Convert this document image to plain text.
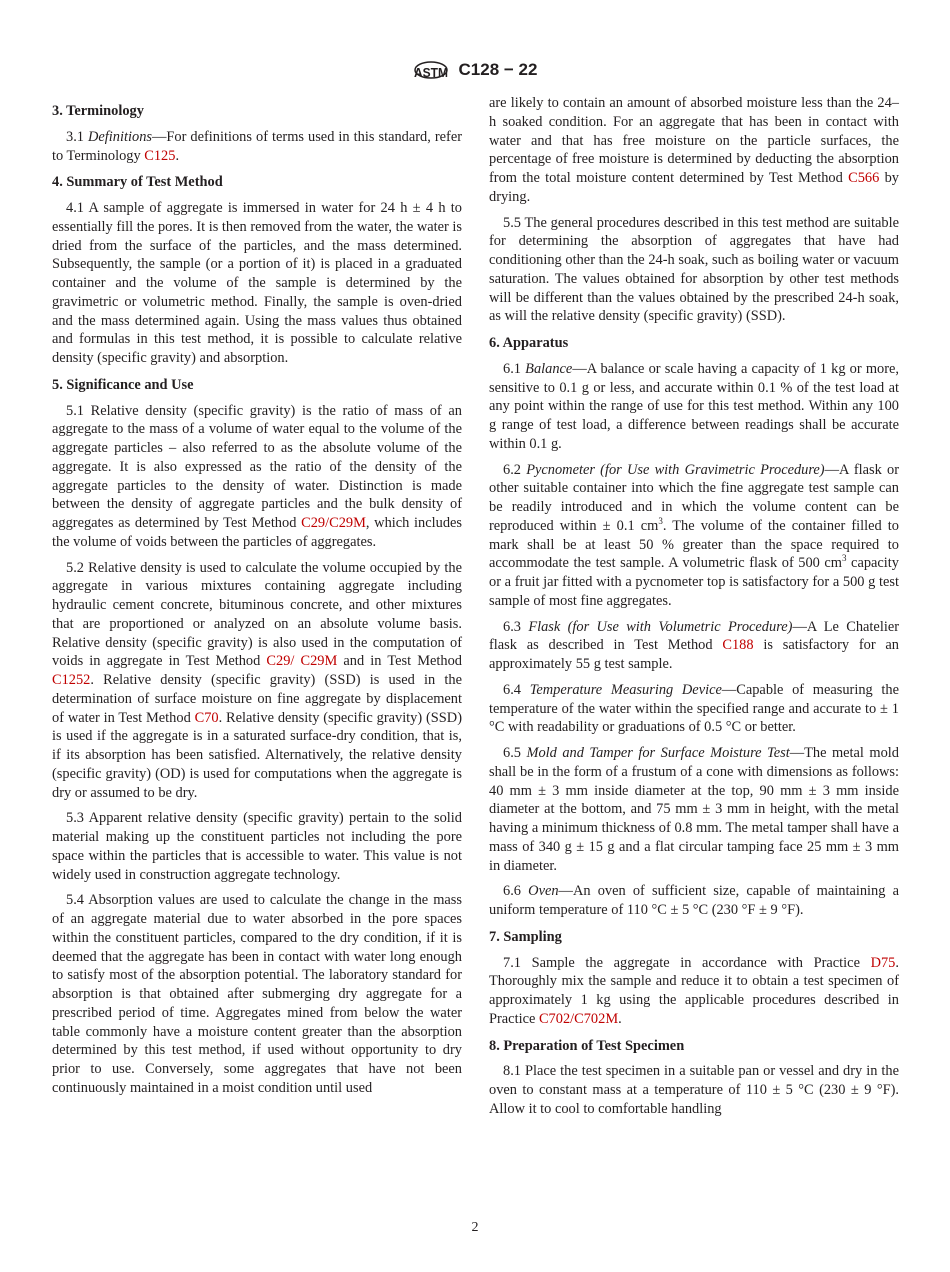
ASTM C128 − 22
3. Terminology

3.1 Definitions—For definitions of terms used in this standard, refer to Terminology C125.

4. Summary of Test Method

4.1 A sample of aggregate is immersed in water for 24 h ± 4 h to essentially fill the pores. It is then removed from the water, the water is dried from the surface of the particles, and the mass determined. Subsequently, the sample (or a portion of it) is placed in a graduated container and the volume of the sample is determined by the gravimetric or volumetric method. Finally, the sample is oven-dried and the mass determined again. Using the mass values thus obtained and formulas in this test method, it is possible to calculate relative density (specific gravity) and absorption.

5. Significance and Use

5.1 Relative density (specific gravity) is the ratio of mass of an aggregate to the mass of a volume of water equal to the volume of the aggregate particles – also referred to as the absolute volume of the aggregate. It is also expressed as the ratio of the density of the aggregate particles to the density of water. Distinction is made between the density of aggregate particles and the bulk density of aggregates as determined by Test Method C29/C29M, which includes the volume of voids between the particles of aggregates.

5.2 Relative density is used to calculate the volume occupied by the aggregate in various mixtures containing aggregate including hydraulic cement concrete, bituminous concrete, and other mixtures that are proportioned or analyzed on an absolute volume basis. Relative density (specific gravity) is also used in the computation of voids in aggregate in Test Method C29/ C29M and in Test Method C1252. Relative density (specific gravity) (SSD) is used in the determination of surface moisture on fine aggregate by displacement of water in Test Method C70. Relative density (specific gravity) (SSD) is used if the aggregate is in a saturated surface-dry condition, that is, if its absorption has been satisfied. Alternatively, the relative density (specific gravity) (OD) is used for computations when the aggregate is dry or assumed to be dry.

5.3 Apparent relative density (specific gravity) pertain to the solid material making up the constituent particles not including the pore space within the particles that is accessible to water. This value is not widely used in construction aggregate technology.

5.4 Absorption values are used to calculate the change in the mass of an aggregate material due to water absorbed in the pore spaces within the constituent particles, compared to the dry condition, if it is deemed that the aggregate has been in contact with water long enough to satisfy most of the absorption potential. The laboratory standard for absorption is that obtained after submerging dry aggregate for a prescribed period of time. Aggregates mined from below the water table commonly have a moisture content greater than the absorption determined by this test method, if used without opportunity to dry prior to use. Conversely, some aggregates that have not been continuously maintained in a moist condition until used

are likely to contain an amount of absorbed moisture less than the 24–h soaked condition. For an aggregate that has been in contact with water and that has free moisture on the particle surfaces, the percentage of free moisture is determined by deducting the absorption from the total moisture content determined by Test Method C566 by drying.

5.5 The general procedures described in this test method are suitable for determining the absorption of aggregates that have had conditioning other than the 24-h soak, such as boiling water or vacuum saturation. The values obtained for absorption by other test methods will be different than the values obtained by the prescribed 24-h soak, as will the relative density (specific gravity) (SSD).

6. Apparatus

6.1 Balance—A balance or scale having a capacity of 1 kg or more, sensitive to 0.1 g or less, and accurate within 0.1 % of the test load at any point within the range of use for this test method. Within any 100 g range of test load, a difference between readings shall be accurate within 0.1 g.

6.2 Pycnometer (for Use with Gravimetric Procedure)—A flask or other suitable container into which the fine aggregate test sample can be readily introduced and in which the volume content can be reproduced within ± 0.1 $cm^3$. The volume of the container filled to mark shall be at least 50 % greater than the space required to accommodate the test sample. A volumetric flask of 500 $cm^3$ capacity or a fruit jar fitted with a pycnometer top is satisfactory for a 500 g test sample of most fine aggregates.

6.3 Flask (for Use with Volumetric Procedure)—A Le Chatelier flask as described in Test Method C188 is satisfactory for an approximately 55 g test sample.

6.4 Temperature Measuring Device—Capable of measuring the temperature of the water within the specified range and accurate to ± 1 °C with readability or graduations of 0.5 °C or better.

6.5 Mold and Tamper for Surface Moisture Test—The metal mold shall be in the form of a frustum of a cone with dimensions as follows: 40 mm ± 3 mm inside diameter at the top, 90 mm ± 3 mm inside diameter at the bottom, and 75 mm ± 3 mm in height, with the metal having a minimum thickness of 0.8 mm. The metal tamper shall have a mass of 340 g ± 15 g and a flat circular tamping face 25 mm ± 3 mm in diameter.

6.6 Oven—An oven of sufficient size, capable of maintaining a uniform temperature of 110 °C ± 5 °C (230 °F ± 9 °F).

7. Sampling

7.1 Sample the aggregate in accordance with Practice D75. Thoroughly mix the sample and reduce it to obtain a test specimen of approximately 1 kg using the applicable procedures described in Practice C702/C702M.

8. Preparation of Test Specimen

8.1 Place the test specimen in a suitable pan or vessel and dry in the oven to constant mass at a temperature of 110 ± 5 °C (230 ± 9 °F). Allow it to cool to comfortable handling

2
